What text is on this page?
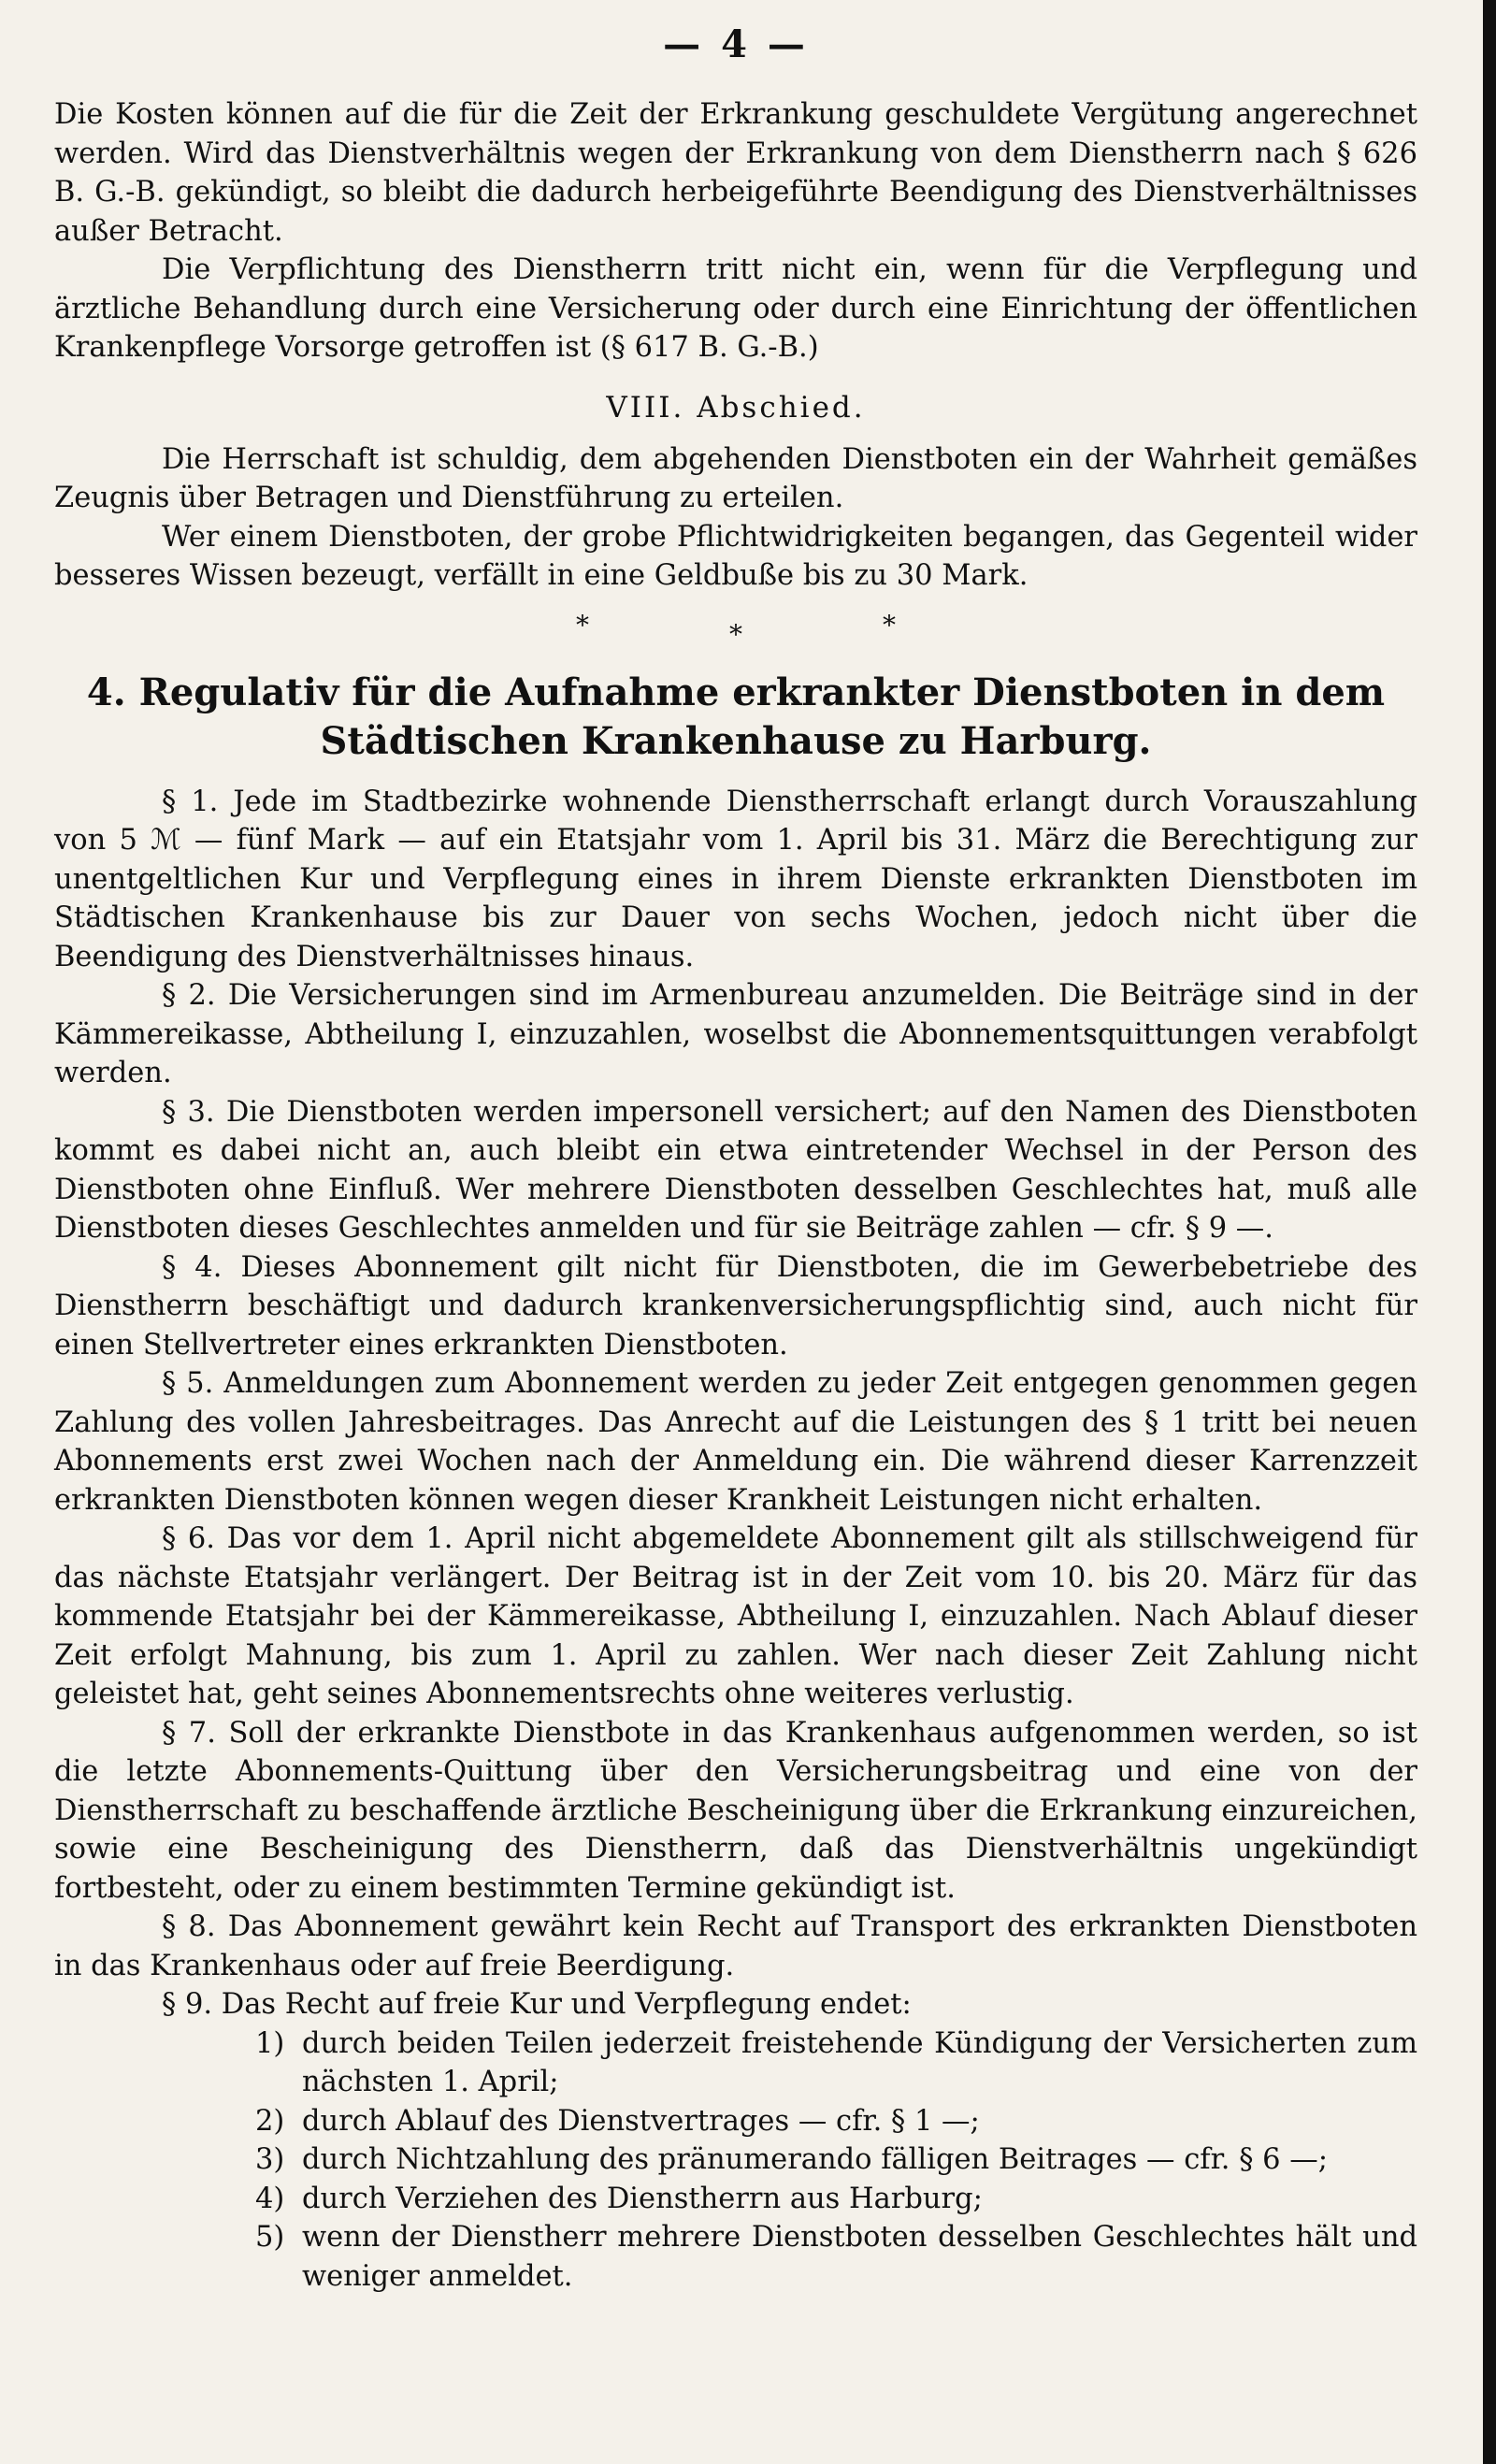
— 4 —

Die Kosten können auf die für die Zeit der Erkrankung geschuldete Vergütung angerechnet werden. Wird das Dienstverhältnis wegen der Erkrankung von dem Dienstherrn nach § 626 B. G.-B. gekündigt, so bleibt die dadurch herbeigeführte Beendigung des Dienstverhältnisses außer Betracht.

Die Verpflichtung des Dienstherrn tritt nicht ein, wenn für die Verpflegung und ärztliche Behandlung durch eine Versicherung oder durch eine Einrichtung der öffentlichen Krankenpflege Vorsorge getroffen ist (§ 617 B. G.-B.)

VIII. Abschied.

Die Herrschaft ist schuldig, dem abgehenden Dienstboten ein der Wahrheit gemäßes Zeugnis über Betragen und Dienstführung zu erteilen.

Wer einem Dienstboten, der grobe Pflichtwidrigkeiten begangen, das Gegenteil wider besseres Wissen bezeugt, verfällt in eine Geldbuße bis zu 30 Mark.

*	*	*
4. Regulativ für die Aufnahme erkrankter Dienstboten in dem
Städtischen Krankenhause zu Harburg.

§ 1. Jede im Stadtbezirke wohnende Dienstherrschaft erlangt durch Vorauszahlung von 5 ℳ — fünf Mark — auf ein Etatsjahr vom 1. April bis 31. März die Berechtigung zur unentgeltlichen Kur und Verpflegung eines in ihrem Dienste erkrankten Dienstboten im Städtischen Krankenhause bis zur Dauer von sechs Wochen, jedoch nicht über die Beendigung des Dienstverhältnisses hinaus.

§ 2. Die Versicherungen sind im Armenbureau anzumelden. Die Beiträge sind in der Kämmereikasse, Abtheilung I, einzuzahlen, woselbst die Abonnementsquittungen verabfolgt werden.

§ 3. Die Dienstboten werden impersonell versichert; auf den Namen des Dienstboten kommt es dabei nicht an, auch bleibt ein etwa eintretender Wechsel in der Person des Dienstboten ohne Einfluß. Wer mehrere Dienstboten desselben Geschlechtes hat, muß alle Dienstboten dieses Geschlechtes anmelden und für sie Beiträge zahlen — cfr. § 9 —.

§ 4. Dieses Abonnement gilt nicht für Dienstboten, die im Gewerbebetriebe des Dienstherrn beschäftigt und dadurch krankenversicherungspflichtig sind, auch nicht für einen Stellvertreter eines erkrankten Dienstboten.

§ 5. Anmeldungen zum Abonnement werden zu jeder Zeit entgegen genommen gegen Zahlung des vollen Jahresbeitrages. Das Anrecht auf die Leistungen des § 1 tritt bei neuen Abonnements erst zwei Wochen nach der Anmeldung ein. Die während dieser Karrenzzeit erkrankten Dienstboten können wegen dieser Krankheit Leistungen nicht erhalten.

§ 6. Das vor dem 1. April nicht abgemeldete Abonnement gilt als stillschweigend für das nächste Etatsjahr verlängert. Der Beitrag ist in der Zeit vom 10. bis 20. März für das kommende Etatsjahr bei der Kämmereikasse, Abtheilung I, einzuzahlen. Nach Ablauf dieser Zeit erfolgt Mahnung, bis zum 1. April zu zahlen. Wer nach dieser Zeit Zahlung nicht geleistet hat, geht seines Abonnementsrechts ohne weiteres verlustig.

§ 7. Soll der erkrankte Dienstbote in das Krankenhaus aufgenommen werden, so ist die letzte Abonnements-Quittung über den Versicherungsbeitrag und eine von der Dienstherrschaft zu beschaffende ärztliche Bescheinigung über die Erkrankung einzureichen, sowie eine Bescheinigung des Dienstherrn, daß das Dienstverhältnis ungekündigt fortbesteht, oder zu einem bestimmten Termine gekündigt ist.

§ 8. Das Abonnement gewährt kein Recht auf Transport des erkrankten Dienstboten in das Krankenhaus oder auf freie Beerdigung.

§ 9. Das Recht auf freie Kur und Verpflegung endet:

1) durch beiden Teilen jederzeit freistehende Kündigung der Versicherten zum nächsten 1. April;
2) durch Ablauf des Dienstvertrages — cfr. § 1 —;
3) durch Nichtzahlung des pränumerando fälligen Beitrages — cfr. § 6 —;
4) durch Verziehen des Dienstherrn aus Harburg;
5) wenn der Dienstherr mehrere Dienstboten desselben Geschlechtes hält und weniger anmeldet.
